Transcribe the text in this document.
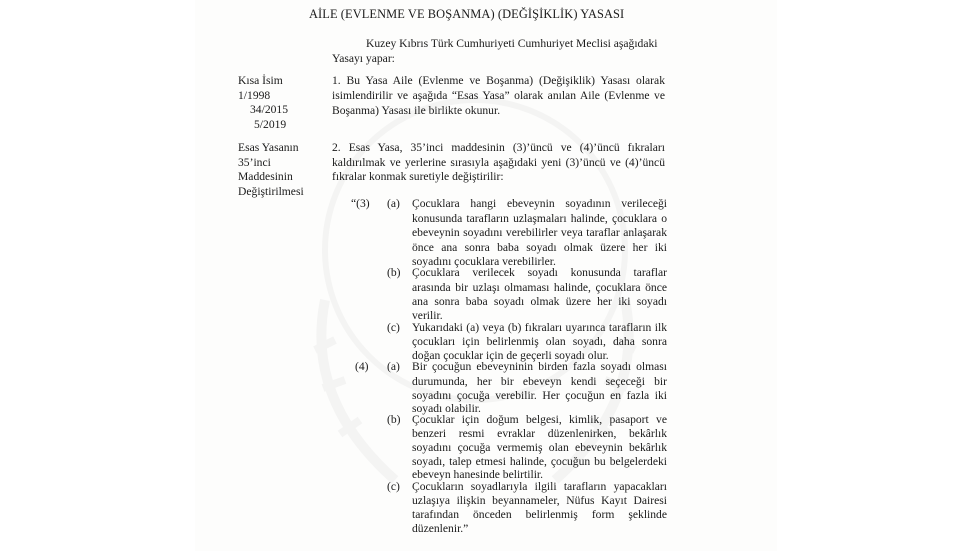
AİLE (EVLENME VE BOŞANMA) (DEĞİŞİKLİK) YASASI
Kuzey Kıbrıs Türk Cumhuriyeti Cumhuriyet Meclisi aşağıdaki
Yasayı yapar:
Kısa İsim
1/1998
34/2015
5/2019
Esas Yasanın
35’inci
Maddesinin
Değiştirilmesi
1. Bu Yasa Aile (Evlenme ve Boşanma) (Değişiklik) Yasası olarak
isimlendirilir ve aşağıda “Esas Yasa” olarak anılan Aile (Evlenme ve
Boşanma) Yasası ile birlikte okunur.
2. Esas Yasa, 35’inci maddesinin (3)’üncü ve (4)’üncü fıkraları
kaldırılmak ve yerlerine sırasıyla aşağıdaki yeni (3)’üncü ve (4)’üncü
fıkralar konmak suretiyle değiştirilir:
“(3) (a) Çocuklara hangi ebeveynin soyadının verileceği
konusunda tarafların uzlaşmaları halinde, çocuklara o
ebeveynin soyadını verebilirler veya taraflar anlaşarak
önce ana sonra baba soyadı olmak üzere her iki
soyadını çocuklara verebilirler.
(b) Çocuklara verilecek soyadı konusunda taraflar
arasında bir uzlaşı olmaması halinde, çocuklara önce
ana sonra baba soyadı olmak üzere her iki soyadı
verilir.
(c) Yukarıdaki (a) veya (b) fıkraları uyarınca tarafların ilk
çocukları için belirlenmiş olan soyadı, daha sonra
doğan çocuklar için de geçerli soyadı olur.
(4) (a) Bir çocuğun ebeveyninin birden fazla soyadı olması
durumunda, her bir ebeveyn kendi seçeceği bir
soyadını çocuğa verebilir. Her çocuğun en fazla iki
soyadı olabilir.
(b) Çocuklar için doğum belgesi, kimlik, pasaport ve
benzeri resmi evraklar düzenlenirken, bekârlık
soyadını çocuğa vermemiş olan ebeveynin bekârlık
soyadı, talep etmesi halinde, çocuğun bu belgelerdeki
ebeveyn hanesinde belirtilir.
(c) Çocukların soyadlarıyla ilgili tarafların yapacakları
uzlaşıya ilişkin beyannameler, Nüfus Kayıt Dairesi
tarafından önceden belirlenmiş form şeklinde
düzenlenir.”
